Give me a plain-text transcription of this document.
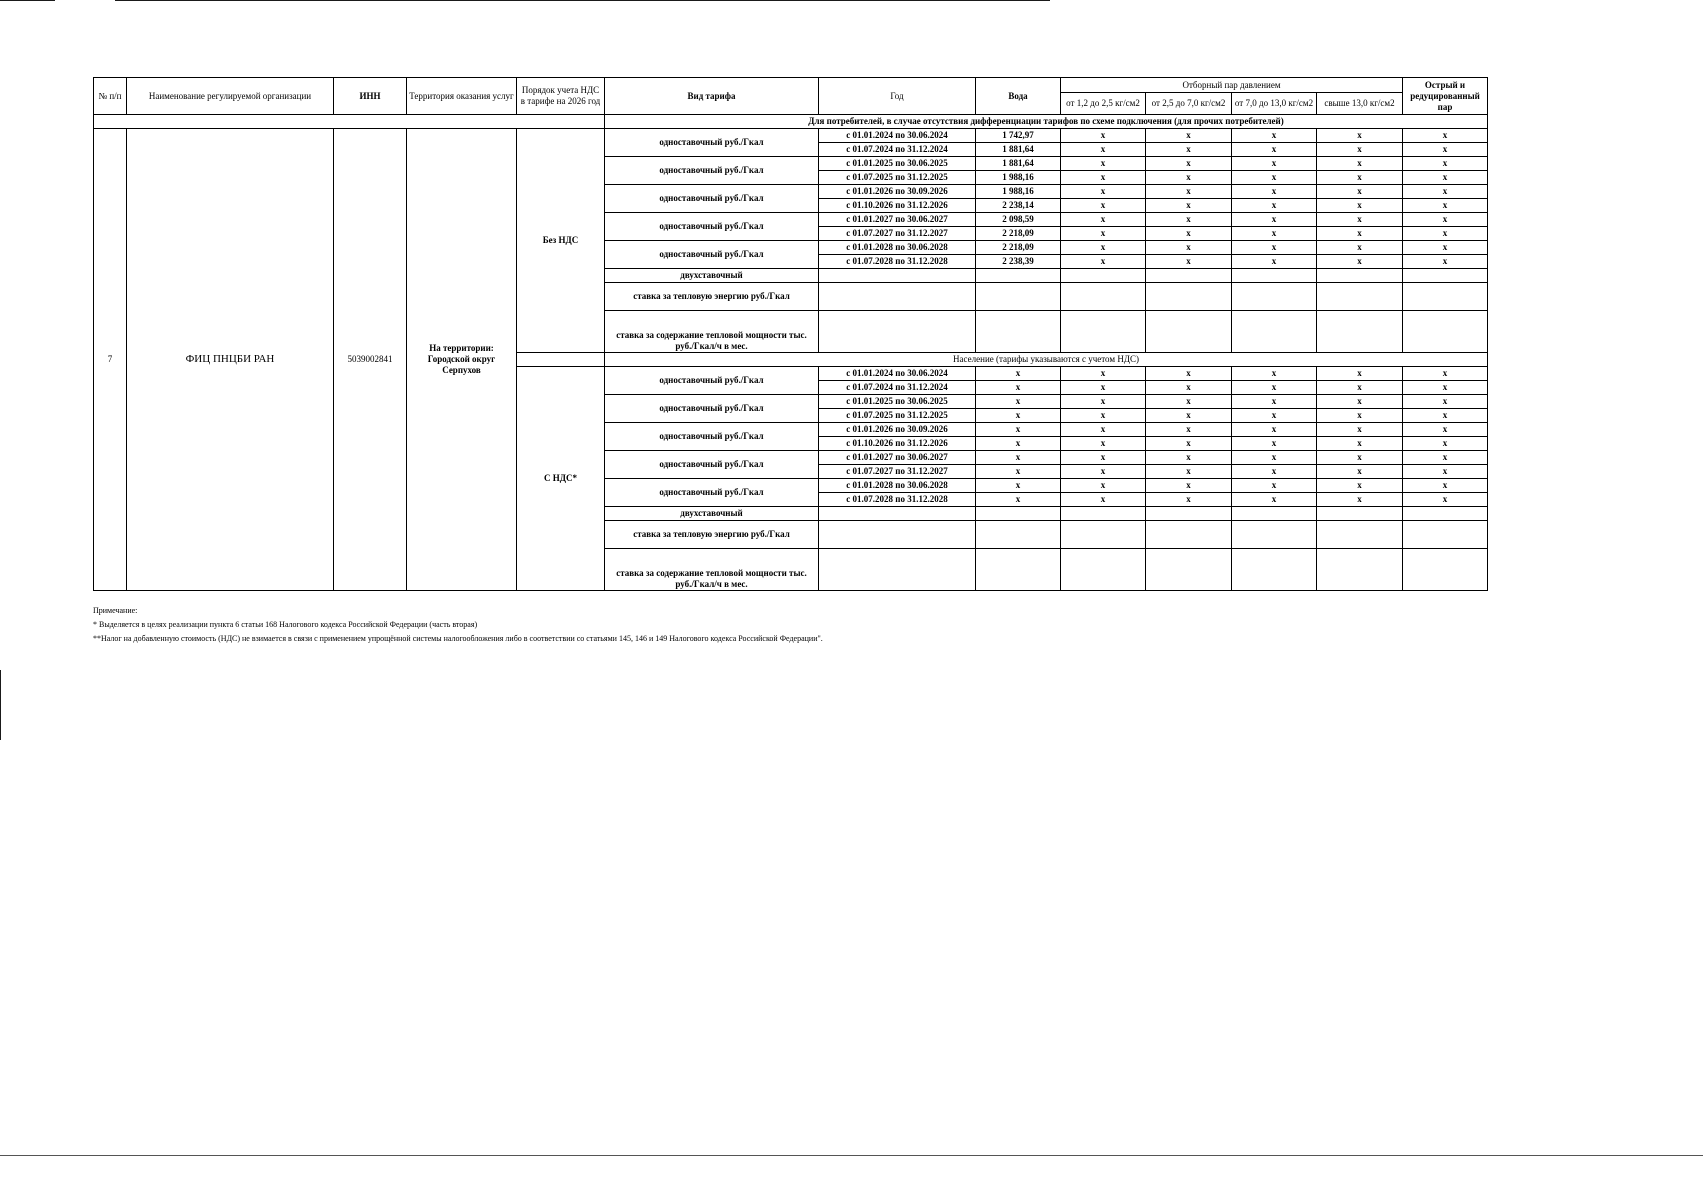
№ п/п	Наименование регулируемой организации	ИНН	Территория оказания услуг	Порядок учета НДС в тарифе на 2026 год	Вид тарифа	Год	Вода	Отборный пар давлением				Острый и редуцированный пар
								от 1,2 до 2,5 кг/см2	от 2,5 до 7,0 кг/см2	от 7,0 до 13,0 кг/см2	свыше 13,0 кг/см2	
					Для потребителей, в случае отсутствия дифференциации тарифов по схеме подключения (для прочих потребителей)							
7	ФИЦ ПНЦБИ РАН	5039002841	На территории: Городской округ Серпухов	Без НДС	одноставочный руб./Гкал	с 01.01.2024 по 30.06.2024	1 742,97	x	x	x	x	x
						с 01.07.2024 по 31.12.2024	1 881,64	x	x	x	x	x
					одноставочный руб./Гкал	с 01.01.2025 по 30.06.2025	1 881,64	x	x	x	x	x
						с 01.07.2025 по 31.12.2025	1 988,16	x	x	x	x	x
					одноставочный руб./Гкал	с 01.01.2026 по 30.09.2026	1 988,16	x	x	x	x	x
						с 01.10.2026 по 31.12.2026	2 238,14	x	x	x	x	x
					одноставочный руб./Гкал	с 01.01.2027 по 30.06.2027	2 098,59	x	x	x	x	x
						с 01.07.2027 по 31.12.2027	2 218,09	x	x	x	x	x
					одноставочный руб./Гкал	с 01.01.2028 по 30.06.2028	2 218,09	x	x	x	x	x
						с 01.07.2028 по 31.12.2028	2 238,39	x	x	x	x	x
					двухставочный							
					ставка за тепловую энергию руб./Гкал							
					ставка за содержание тепловой мощности тыс. руб./Гкал/ч в мес.							
					Население (тарифы указываются с учетом НДС)							
				С НДС*	одноставочный руб./Гкал	с 01.01.2024 по 30.06.2024	x	x	x	x	x	x
						с 01.07.2024 по 31.12.2024	x	x	x	x	x	x
					одноставочный руб./Гкал	с 01.01.2025 по 30.06.2025	x	x	x	x	x	x
						с 01.07.2025 по 31.12.2025	x	x	x	x	x	x
					одноставочный руб./Гкал	с 01.01.2026 по 30.09.2026	x	x	x	x	x	x
						с 01.10.2026 по 31.12.2026	x	x	x	x	x	x
					одноставочный руб./Гкал	с 01.01.2027 по 30.06.2027	x	x	x	x	x	x
						с 01.07.2027 по 31.12.2027	x	x	x	x	x	x
					одноставочный руб./Гкал	с 01.01.2028 по 30.06.2028	x	x	x	x	x	x
						с 01.07.2028 по 31.12.2028	x	x	x	x	x	x
					двухставочный							
					ставка за тепловую энергию руб./Гкал							
					ставка за содержание тепловой мощности тыс. руб./Гкал/ч в мес.							
Примечание:
* Выделяется в целях реализации пункта 6 статьи 168 Налогового кодекса Российской Федерации (часть вторая)
**Налог на добавленную стоимость (НДС) не взимается в связи с применением упрощённой системы налогообложения либо в соответствии со статьями 145, 146 и 149 Налогового кодекса Российской Федерации".
